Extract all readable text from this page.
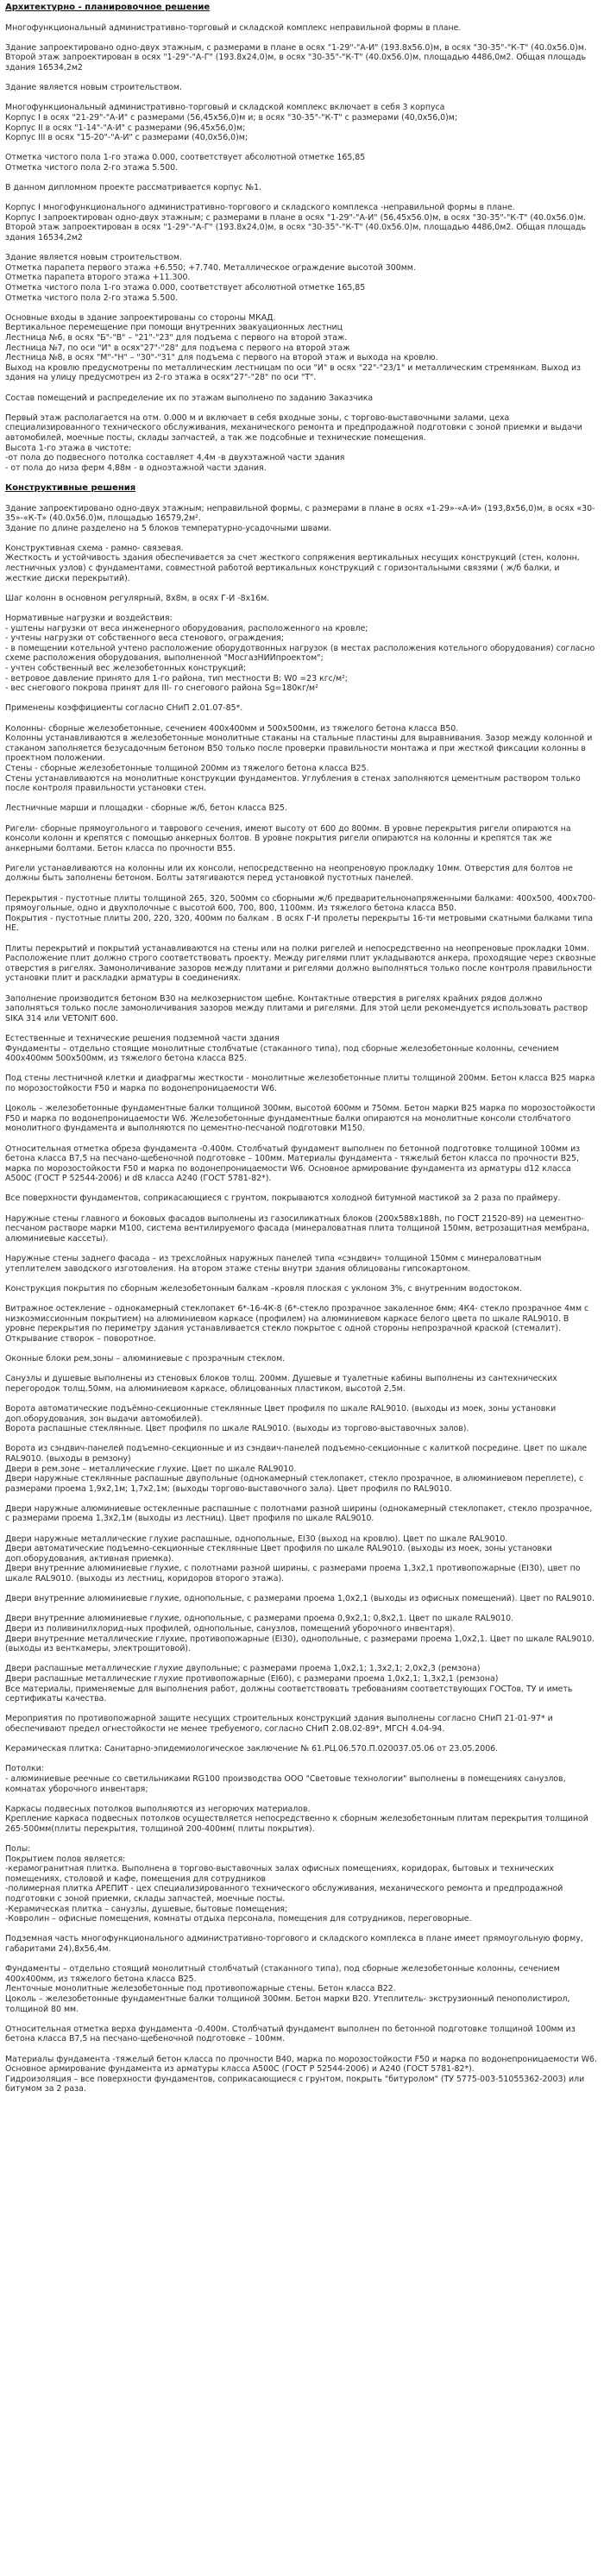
Архитектурно - планировочное решение

Многофункциональный административно-торговый и складской комплекс неправильной формы в плане.

Здание запроектировано одно-двух этажным, с размерами в плане в осях "1-29"-"А-И" (193.8х56.0)м, в осях "30-35"-"К-Т" (40.0х56.0)м. Второй этаж запроектирован в осях "1-29"-"А-Г" (193.8х24,0)м, в осях "30-35"-"К-Т" (40.0х56.0)м, площадью 4486,0м2. Общая площадь здания 16534,2м2

Здание является новым строительством.

Многофункциональный административно-торговый и складской комплекс включает в себя 3 корпуса
Корпус I в осях "21-29"-"А-И" с размерами (56,45х56,0)м и; в осях "30-35"-"К-Т" с размерами (40,0х56,0)м;
Корпус II в осях "1-14"-"А-И" с размерами (96,45х56,0)м;
Корпус III в осях "15-20"-"А-И" с размерами (40,0х56,0)м;

Отметка чистого пола 1-го этажа 0.000, соответствует абсолютной отметке 165,85
Отметка чистого пола 2-го этажа 5.500.

В данном дипломном проекте рассматривается корпус №1.

Корпус I многофункционального административно-торгового и складского комплекса -неправильной формы в плане.
Корпус I запроектирован одно-двух этажным; с размерами в плане в осях "1-29"-"А-И" (56,45х56.0)м, в осях "30-35"-"К-Т" (40.0х56.0)м. Второй этаж запроектирован в осях "1-29"-"А-Г" (193.8х24,0)м, в осях "30-35"-"К-Т" (40.0х56.0)м, площадью 4486,0м2. Общая площадь здания 16534,2м2

Здание является новым строительством.
Отметка парапета первого этажа +6.550; +7.740. Металлическое ограждение высотой 300мм.
Отметка парапета второго этажа +11.300.
Отметка чистого пола 1-го этажа 0.000, соответствует абсолютной отметке 165,85
Отметка чистого пола 2-го этажа 5.500.

Основные входы в здание запроектированы со стороны МКАД.
Вертикальное перемещение при помощи внутренних эвакуационных лестниц
Лестница №6, в осях "Б"-"В" – "21"-"23" для подъема с первого на второй этаж.
Лестница №7, по оси "И" в осях"27"-"28" для подъема с первого на второй этаж
Лестница №8, в осях "М"-"Н" – "30"-"31" для подъема с первого на второй этаж и выхода на кровлю.
Выход на кровлю предусмотрены по металлическим лестницам по оси "И" в осях "22"-"23/1" и металлическим стремянкам. Выход из здания на улицу предусмотрен из 2-го этажа в осях"27"-"28" по оси "Т".

Состав помещений и распределение их по этажам выполнено по заданию Заказчика

Первый этаж располагается на отм. 0.000 м и включает в себя входные зоны, с торгово-выставочными залами, цеха специализированного технического обслуживания, механического ремонта и предпродажной подготовки с зоной приемки и выдачи автомобилей, моечные посты, склады запчастей, а так же подсобные и технические помещения.
Высота 1-го этажа в чистоте:
-от пола до подвесного потолка составляет 4,4м -в двухэтажной части здания
- от пола до низа ферм 4,88м - в одноэтажной части здания.

Конструктивные решения

Здание запроектировано одно-двух этажным; неправильной формы, с размерами в плане в осях «1-29»-«А-И» (193,8х56,0)м, в осях «30-35»-«К-Т» (40.0х56.0)м, площадью 16579,2м².
Здание по длине разделено на 5 блоков температурно-усадочными швами.

Конструктивная схема - рамно- связевая.
Жесткость и устойчивость здания обеспечивается за счет жесткого сопряжения вертикальных несущих конструкций (стен, колонн, лестничных узлов) с фундаментами, совместной работой вертикальных конструкций с горизонтальными связями ( ж/б балки, и жесткие диски перекрытий).

Шаг колонн в основном регулярный, 8х8м, в осях Г-И -8х16м.

Нормативные нагрузки и воздействия:
- уштены нагрузки от веса инженерного оборудования, расположенного на кровле;
- учтены нагрузки от собственного веса стенового, ограждения;
- в помещении котельной учтено расположение оборудотвонных нагрузок (в местах расположения котельного оборудования) согласно схеме расположения оборудования, выполненной "МосгазНИИпроектом";
- учтен собственный вес железобетонных конструкций;
- ветровое давление принято для 1-го района, тип местности В: W0 =23 кгс/м²;
- вес снегового покрова принят для III- го снегового района Sg=180кг/м²

Применены коэффициенты согласно СНиП 2.01.07-85*.

Колонны- сборные железобетонные, сечением 400х400мм и 500х500мм, из тяжелого бетона класса В50.
Колонны устанавливаются в железобетонные монолитные стаканы на стальные пластины для выравнивания. Зазор между колонной и стаканом заполняется безусадочным бетоном В50 только после проверки правильности монтажа и при жесткой фиксации колонны в проектном положении.
Стены - сборные железобетонные толщиной 200мм из тяжелого бетона класса В25.
Стены устанавливаются на монолитные конструкции фундаментов. Углубления в стенах заполняются цементным раствором только после контроля правильности установки стен.

Лестничные марши и площадки - сборные ж/б, бетон класса В25.

Ригели- сборные прямоугольного и таврового сечения, имеют высоту от 600 до 800мм. В уровне перекрытия ригели опираются на консоли колонн и крепятся с помощью анкерных болтов. В уровне покрытия ригели опираются на колонны и крепятся так же анкерными болтами. Бетон класса по прочности В55.

Ригели устанавливаются на колонны или их консоли, непосредственно на неопреновую прокладку 10мм. Отверстия для болтов не должны быть заполнены бетоном. Болты затягиваются перед установкой пустотных панелей.

Перекрытия - пустотные плиты толщиной 265, 320, 500мм со сборными ж/б предварительнонапряженными балками: 400х500, 400х700-прямоугольные, одно и двухполочные с высотой 600, 700, 800, 1100мм. Из тяжелого бетона класса В50.
Покрытия - пустотные плиты 200, 220, 320, 400мм по балкам . В осях Г-И пролеты перекрыты 16-ти метровыми скатными балками типа НЕ.

Плиты перекрытий и покрытий устанавливаются на стены или на полки ригелей и непосредственно на неопреновые прокладки 10мм. Расположение плит должно строго соответствовать проекту. Между ригелями плит укладываются анкера, проходящие через сквозные отверстия в ригелях. Замоноличивание зазоров между плитами и ригелями должно выполняться только после контроля правильности установки плит и раскладки арматуры в соединениях.

Заполнение производится бетоном В30 на мелкозернистом щебне. Контактные отверстия в ригелях крайних рядов должно заполняться только после замоноличивания зазоров между плитами и ригелями. Для этой цели рекомендуется использовать раствор SIKA 314 или VETONIT 600.

Естественные и технические решения подземной части здания
Фундаменты – отдельно стоящие монолитные столбчатые (стаканного типа), под сборные железобетонные колонны, сечением 400х400мм 500х500мм, из тяжелого бетона класса В25.

Под стены лестничной клетки и диафрагмы жесткости - монолитные железобетонные плиты толщиной 200мм. Бетон класса В25 марка по морозостойкости F50 и марка по водонепроницаемости W6.

Цоколь – железобетонные фундаментные балки толщиной 300мм, высотой 600мм и 750мм. Бетон марки В25 марка по морозостойкости F50 и марка по водонепроницаемости W6. Железобетонные фундаментные балки опираются на монолитные консоли столбчатого монолитного фундамента и выполняются по цементно-песчаной подготовки М150.

Относительная отметка обреза фундамента -0.400м. Столбчатый фундамент выполнен по бетонной подготовке толщиной 100мм из бетона класса В7,5 на песчано-щебеночной подготовке – 100мм. Материалы фундамента - тяжелый бетон класса по прочности В25, марка по морозостойкости F50 и марка по водонепроницаемости W6. Основное армирование фундамента из арматуры d12 класса А500С (ГОСТ Р 52544-2006) и d8 класса А240 (ГОСТ 5781-82*).

Все поверхности фундаментов, соприкасающиеся с грунтом, покрываются холодной битумной мастикой за 2 раза по праймеру.

Наружные стены главного и боковых фасадов выполнены из газосиликатных блоков (200х588х188h, по ГОСТ 21520-89) на цементно-песчаном растворе марки М100, система вентилируемого фасада (минераловатная плита толщиной 150мм, ветрозащитная мембрана, алюминиевые кассеты).

Наружные стены заднего фасада – из трехслойных наружных панелей типа «сэндвич» толщиной 150мм с минераловатным утеплителем заводского изготовления. На втором этаже стены внутри здания облицованы гипсокартоном.

Конструкция покрытия по сборным железобетонным балкам –кровля плоская с уклоном 3%, с внутренним водостоком.

Витражное остекление – однокамерный стеклопакет 6*-16-4К-8 (6*-стекло прозрачное закаленное 6мм; 4К4- стекло прозрачное 4мм с низкоэмиссионным покрытием) на алюминиевом каркасе (профилем) на алюминиевом каркасе белого цвета по шкале RAL9010. В уровне перекрытия по периметру здания устанавливается стекло покрытое с одной стороны непрозрачной краской (стемалит). Открывание створок – поворотное.

Оконные блоки рем.зоны – алюминиевые с прозрачным стеклом.

Санузлы и душевые выполнены из стеновых блоков толщ. 200мм. Душевые и туалетные кабины выполнены из сантехнических перегородок толщ.50мм, на алюминиевом каркасе, облицованных пластиком, высотой 2,5м.

Ворота автоматические подъёмно-секционные стеклянные Цвет профиля по шкале RAL9010. (выходы из моек, зоны установки доп.оборудования, зон выдачи автомобилей).
Ворота распашные стеклянные. Цвет профиля по шкале RAL9010. (выходы из торгово-выставочных залов).

Ворота из сэндвич-панелей подъемно-секционные и из сэндвич-панелей подъемно-секционные с калиткой посредине. Цвет по шкале RAL9010. (выходы в ремзону)
Двери в рем.зоне – металлические глухие. Цвет по шкале RAL9010.
Двери наружные стеклянные распашные двупольные (однокамерный стеклопакет, стекло прозрачное, в алюминиевом переплете), с размерами проема 1,9х2,1м; 1,7х2,1м; (выходы торгово-выставочного зала). Цвет профиля по RAL9010.

Двери наружные алюминиевые остекленные распашные с полотнами разной ширины (однокамерный стеклопакет, стекло прозрачное, с размерами проема 1,3х2,1м (выходы из лестниц). Цвет профиля по шкале RAL9010.

Двери наружные металлические глухие распашные, однопольные, EI30 (выход на кровлю). Цвет по шкале RAL9010.
Двери автоматические подъемно-секционные стеклянные Цвет профиля по шкале RAL9010. (выходы из моек, зоны установки доп.оборудования, активная приемка).
Двери внутренние алюминиевые глухие, с полотнами разной ширины, с размерами проема 1,3х2,1 противопожарные (EI30), цвет по шкале RAL9010. (выходы из лестниц, коридоров второго этажа).

Двери внутренние алюминиевые глухие, однопольные, с размерами проема 1,0х2,1 (выходы из офисных помещений). Цвет по RAL9010.

Двери внутренние алюминиевые глухие, однопольные, с размерами проема 0,9х2,1; 0,8х2,1. Цвет по шкале RAL9010.
Двери из поливинилхлорид-ных профилей, однопольные, санузлов, помещений уборочного инвентаря).
Двери внутренние металлические глухие, противопожарные (EI30), однопольные, с размерами проема 1,0х2,1. Цвет по шкале RAL9010. (выходы из венткамеры, электрощитовой).

Двери распашные металлические глухие двупольные; с размерами проема 1,0х2,1; 1,3х2,1; 2,0х2,3 (ремзона)
Двери распашные металлические глухие противопожарные (EI60), с размерами проема 1,0х2,1; 1,3х2,1 (ремзона)
Все материалы, применяемые для выполнения работ, должны соответствовать требованиям соответствующих ГОСТов, ТУ и иметь сертификаты качества.

Мероприятия по противопожарной защите несущих строительных конструкций здания выполнены согласно СНиП 21-01-97* и обеспечивают предел огнестойкости не менее требуемого, согласно СНиП 2.08.02-89*, МГСН 4.04-94.

Керамическая плитка: Санитарно-эпидемиологическое заключение № 61.РЦ.06.570.П.020037.05.06 от 23.05.2006.

Потолки:
- алюминиевые реечные со светильниками RG100 производства ООО "Световые технологии" выполнены в помещениях санузлов, комнатах уборочного инвентаря;

Каркасы подвесных потолков выполняются из негорючих материалов.
Крепление каркаса подвесных потолков осуществляется непосредственно к сборным железобетонным плитам перекрытия толщиной 265-500мм(плиты перекрытия, толщиной 200-400мм( плиты покрытия).

Полы:
Покрытием полов является:
-керамогранитная плитка. Выполнена в торгово-выставочных залах офисных помещениях, коридорах, бытовых и технических помещениях, столовой и кафе, помещения для сотрудников
-полимерная плитка АРЕПИТ - цех специализированного технического обслуживания, механического ремонта и предпродажной подготовки с зоной приемки, склады запчастей, моечные посты.
-Керамическая плитка – санузлы, душевые, бытовые помещения;
-Ковролин – офисные помещения, комнаты отдыха персонала, помещения для сотрудников, переговорные.

Подземная часть многофункционального административно-торгового и складского комплекса в плане имеет прямоугольную форму, габаритами 24),8х56,4м.

Фундаменты – отдельно стоящий монолитный столбчатый (стаканного типа), под сборные железобетонные колонны, сечением 400х400мм, из тяжелого бетона класса В25.
Ленточные монолитные железобетонные под противопожарные стены. Бетон класса В22.
Цоколь – железобетонные фундаментные балки толщиной 300мм. Бетон марки В20. Утеплитель- экструзионный пенополистирол, толщиной 80 мм.

Относительная отметка верха фундамента -0.400м. Столбчатый фундамент выполнен по бетонной подготовке толщиной 100мм из бетона класса В7,5 на песчано-щебеночной подготовке – 100мм.

Материалы фундамента -тяжелый бетон класса по прочности В40, марка по морозостойкости F50 и марка по водонепроницаемости W6. Основное армирование фундамента из арматуры класса А500С (ГОСТ Р 52544-2006) и А240 (ГОСТ 5781-82*).
Гидроизоляция – все поверхности фундаментов, соприкасающиеся с грунтом, покрыть "битуролом" (ТУ 5775-003-51055362-2003) или битумом за 2 раза.
